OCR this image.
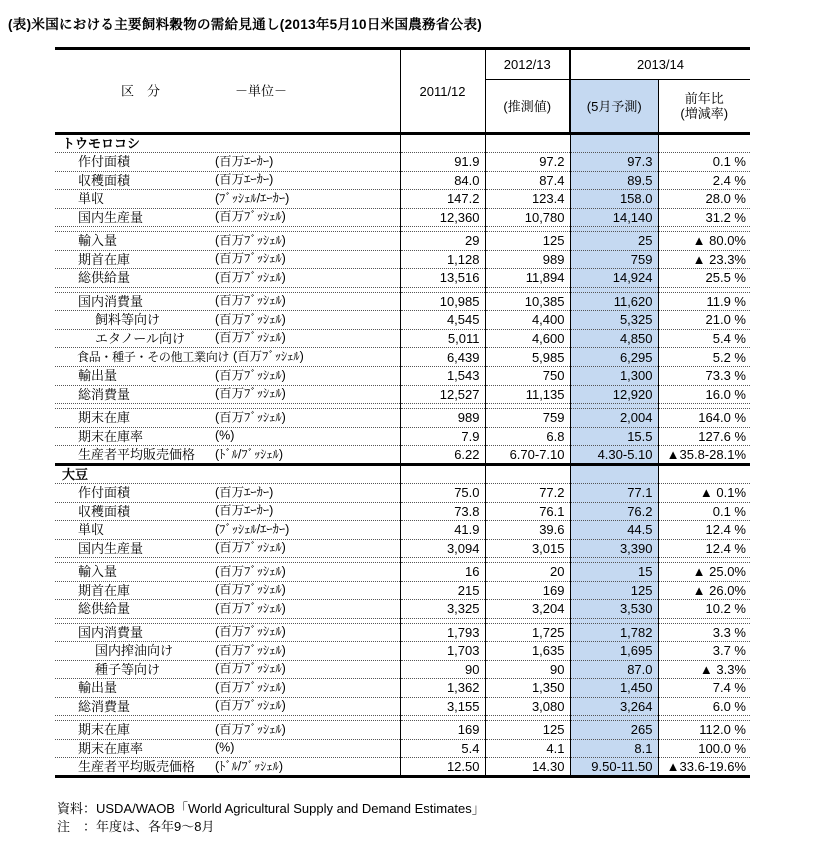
(表)米国における主要飼料穀物の需給見通し(2013年5月10日米国農務省公表)
区　分 －単位－	2011/12	2012/13	2013/14	
		(推測値)	(5月予測)	前年比
(増減率)
トウモロコシ				
作付面積 (百万ｴｰｶｰ)	91.9	97.2	97.3	0.1 %
収穫面積 (百万ｴｰｶｰ)	84.0	87.4	89.5	2.4 %
単収 (ﾌﾞｯｼｪﾙ/ｴｰｶｰ)	147.2	123.4	158.0	28.0 %
国内生産量 (百万ﾌﾞｯｼｪﾙ)	12,360	10,780	14,140	31.2 %

輸入量 (百万ﾌﾞｯｼｪﾙ)	29	125	25	▲ 80.0%
期首在庫 (百万ﾌﾞｯｼｪﾙ)	1,128	989	759	▲ 23.3%
総供給量 (百万ﾌﾞｯｼｪﾙ)	13,516	11,894	14,924	25.5 %

国内消費量 (百万ﾌﾞｯｼｪﾙ)	10,985	10,385	11,620	11.9 %
飼料等向け (百万ﾌﾞｯｼｪﾙ)	4,545	4,400	5,325	21.0 %
エタノール向け (百万ﾌﾞｯｼｪﾙ)	5,011	4,600	4,850	5.4 %
食品・種子・その他工業向け (百万ﾌﾞｯｼｪﾙ)	6,439	5,985	6,295	5.2 %
輸出量 (百万ﾌﾞｯｼｪﾙ)	1,543	750	1,300	73.3 %
総消費量 (百万ﾌﾞｯｼｪﾙ)	12,527	11,135	12,920	16.0 %

期末在庫 (百万ﾌﾞｯｼｪﾙ)	989	759	2,004	164.0 %
期末在庫率 (%)	7.9	6.8	15.5	127.6 %
生産者平均販売価格 (ﾄﾞﾙ/ﾌﾞｯｼｪﾙ)	6.22	6.70-7.10	4.30-5.10	▲35.8-28.1%
大豆				
作付面積 (百万ｴｰｶｰ)	75.0	77.2	77.1	▲ 0.1%
収穫面積 (百万ｴｰｶｰ)	73.8	76.1	76.2	0.1 %
単収 (ﾌﾞｯｼｪﾙ/ｴｰｶｰ)	41.9	39.6	44.5	12.4 %
国内生産量 (百万ﾌﾞｯｼｪﾙ)	3,094	3,015	3,390	12.4 %

輸入量 (百万ﾌﾞｯｼｪﾙ)	16	20	15	▲ 25.0%
期首在庫 (百万ﾌﾞｯｼｪﾙ)	215	169	125	▲ 26.0%
総供給量 (百万ﾌﾞｯｼｪﾙ)	3,325	3,204	3,530	10.2 %

国内消費量 (百万ﾌﾞｯｼｪﾙ)	1,793	1,725	1,782	3.3 %
国内搾油向け (百万ﾌﾞｯｼｪﾙ)	1,703	1,635	1,695	3.7 %
種子等向け (百万ﾌﾞｯｼｪﾙ)	90	90	87.0	▲ 3.3%
輸出量 (百万ﾌﾞｯｼｪﾙ)	1,362	1,350	1,450	7.4 %
総消費量 (百万ﾌﾞｯｼｪﾙ)	3,155	3,080	3,264	6.0 %

期末在庫 (百万ﾌﾞｯｼｪﾙ)	169	125	265	112.0 %
期末在庫率 (%)	5.4	4.1	8.1	100.0 %
生産者平均販売価格 (ﾄﾞﾙ/ﾌﾞｯｼｪﾙ)	12.50	14.30	9.50-11.50	▲33.6-19.6%
資料：USDA/WAOB「World Agricultural Supply and Demand Estimates」
注　：年度は、各年9～8月
